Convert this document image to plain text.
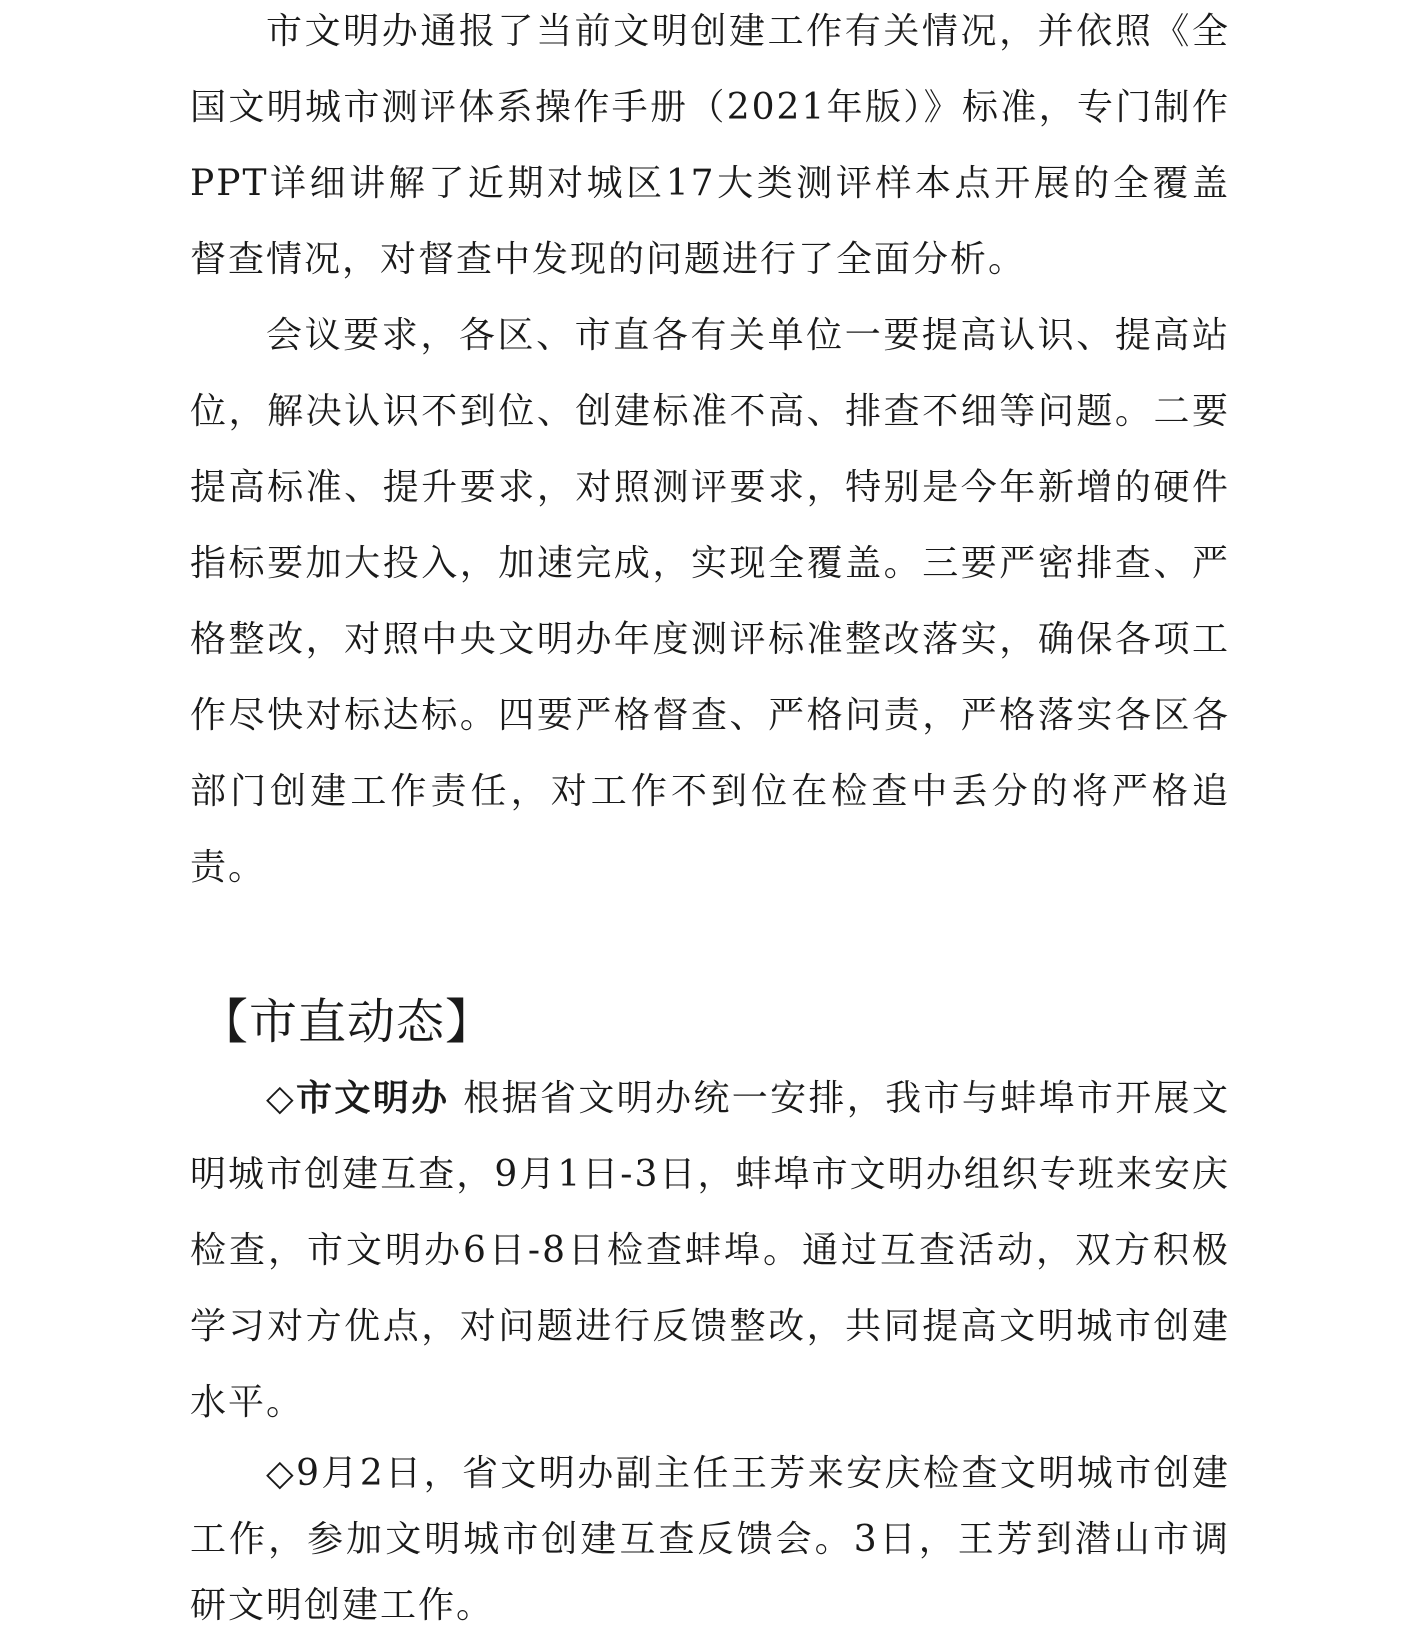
市文明办通报了当前文明创建工作有关情况，并依照《全国文明城市测评体系操作手册（2021年版）》标准，专门制作PPT详细讲解了近期对城区17大类测评样本点开展的全覆盖督查情况，对督查中发现的问题进行了全面分析。

会议要求，各区、市直各有关单位一要提高认识、提高站位，解决认识不到位、创建标准不高、排查不细等问题。二要提高标准、提升要求，对照测评要求，特别是今年新增的硬件指标要加大投入，加速完成，实现全覆盖。三要严密排查、严格整改，对照中央文明办年度测评标准整改落实，确保各项工作尽快对标达标。四要严格督查、严格问责，严格落实各区各部门创建工作责任，对工作不到位在检查中丢分的将严格追责。

【市直动态】

◇市文明办 根据省文明办统一安排，我市与蚌埠市开展文明城市创建互查，9月1日-3日，蚌埠市文明办组织专班来安庆检查，市文明办6日-8日检查蚌埠。通过互查活动，双方积极学习对方优点，对问题进行反馈整改，共同提高文明城市创建水平。

◇9月2日，省文明办副主任王芳来安庆检查文明城市创建工作，参加文明城市创建互查反馈会。3日，王芳到潜山市调研文明创建工作。
